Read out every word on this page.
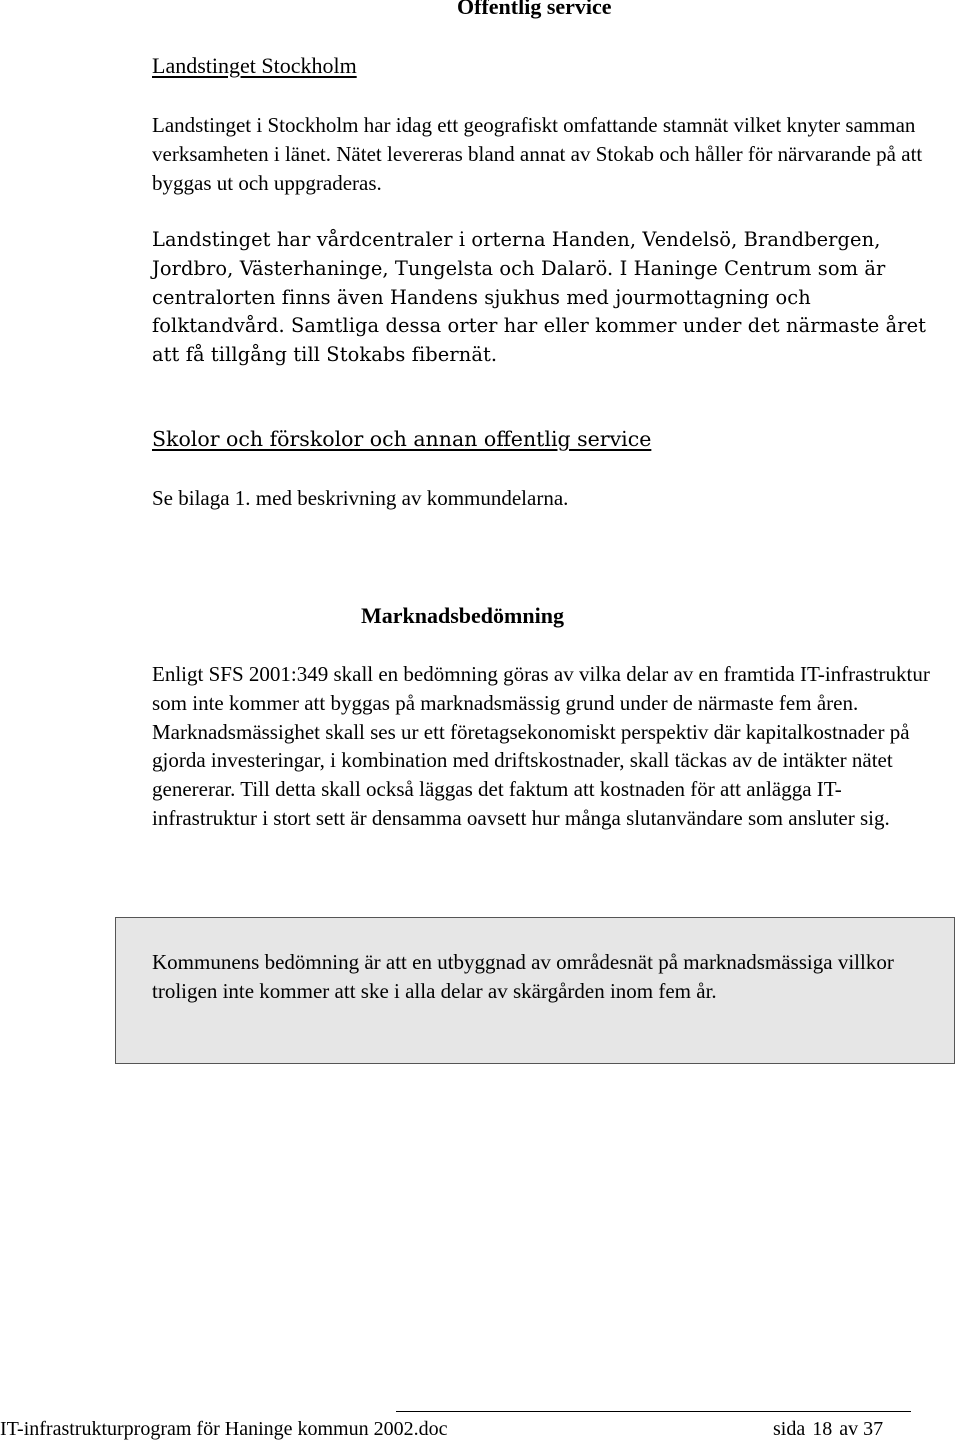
Offentlig service
Landstinget Stockholm

Landstinget i Stockholm har idag ett geografiskt omfattande stamnät vilket knyter samman verksamheten i länet. Nätet levereras bland annat av Stokab och håller för närvarande på att byggas ut och uppgraderas.

Landstinget har vårdcentraler i orterna Handen, Vendelsö, Brandbergen, Jordbro, Västerhaninge, Tungelsta och Dalarö. I Haninge Centrum som är centralorten finns även Handens sjukhus med jourmottagning och folktandvård. Samtliga dessa orter har eller kommer under det närmaste året att få tillgång till Stokabs fibernät.

Skolor och förskolor och annan offentlig service

Se bilaga 1. med beskrivning av kommundelarna.

Marknadsbedömning

Enligt SFS 2001:349 skall en bedömning göras av vilka delar av en framtida IT-infrastruktur som inte kommer att byggas på marknadsmässig grund under de närmaste fem åren. Marknadsmässighet skall ses ur ett företagsekonomiskt perspektiv där kapitalkostnader på gjorda investeringar, i kombination med driftskostnader, skall täckas av de intäkter nätet genererar. Till detta skall också läggas det faktum att kostnaden för att anlägga IT-infrastruktur i stort sett är densamma oavsett hur många slutanvändare som ansluter sig.

Kommunens bedömning är att en utbyggnad av områdesnät på marknadsmässiga villkor troligen inte kommer att ske i alla delar av skärgården inom fem år.

IT-infrastrukturprogram för Haninge kommun 2002.doc	sida 18 av 37
